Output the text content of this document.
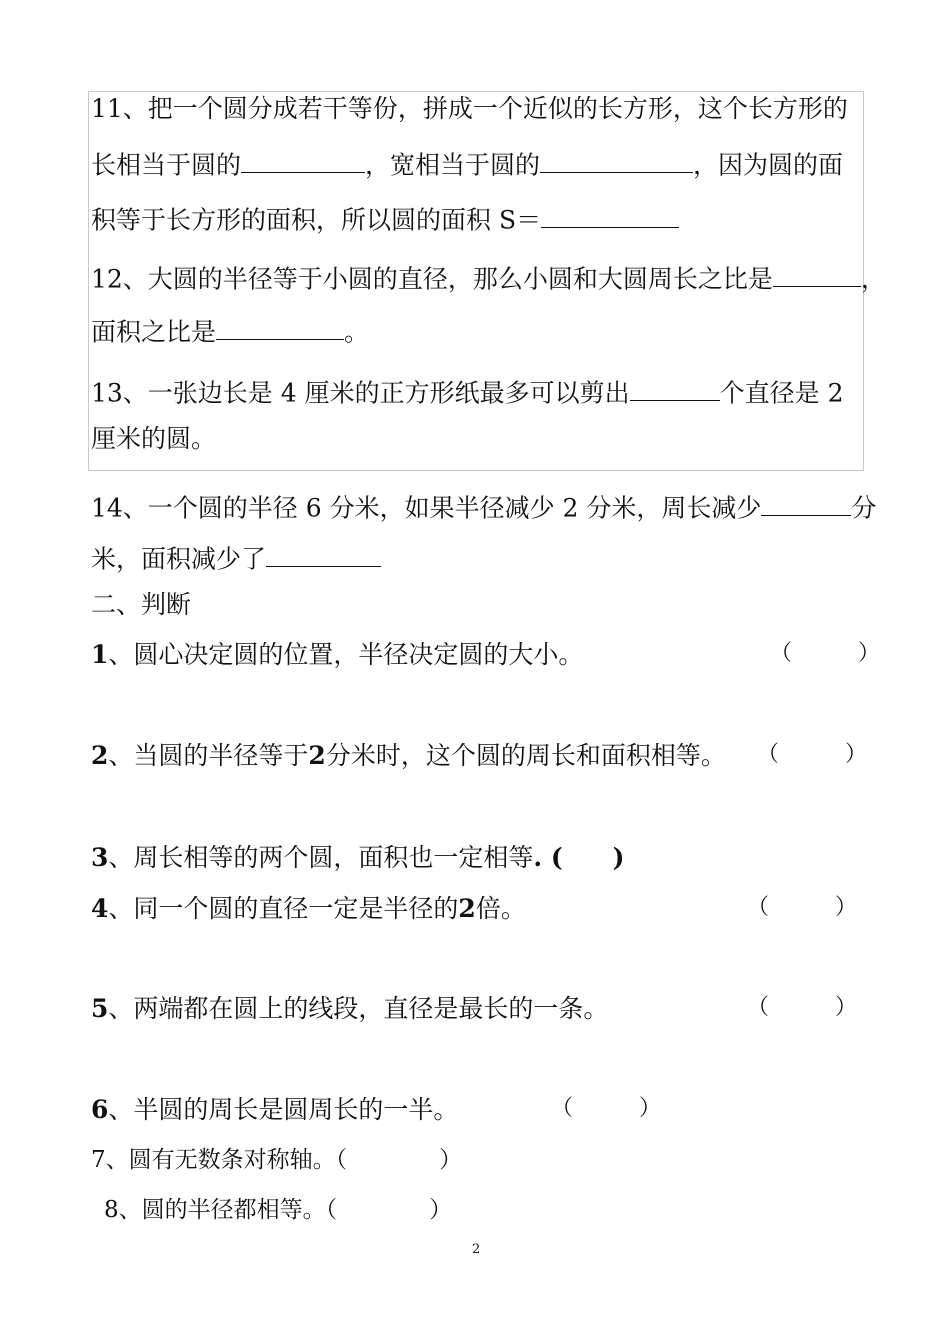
11、把一个圆分成若干等份，拼成一个近似的长方形，这个长方形的
长相当于圆的	，宽相当于圆的	，因为圆的面
积等于长方形的面积，所以圆的面积 S＝
12、大圆的半径等于小圆的直径，那么小圆和大圆周长之比是	，
面积之比是	。
13、一张边长是 4 厘米的正方形纸最多可以剪出	个直径是 2
厘米的圆。
14、一个圆的半径 6 分米，如果半径减少 2 分米，周长减少	分
米，面积减少了
二、判断
1、圆心决定圆的位置，半径决定圆的大小。	（　　　）
2、当圆的半径等于2分米时，这个圆的周长和面积相等。 （　　　）
3、周长相等的两个圆，面积也一定相等. (　　)
4、同一个圆的直径一定是半径的2倍。	（　　　）
5、两端都在圆上的线段，直径是最长的一条。	（　　　）
6、半圆的周长是圆周长的一半。	（　　　）
7、圆有无数条对称轴。（　　　　）
8、圆的半径都相等。（　　　　）
2
